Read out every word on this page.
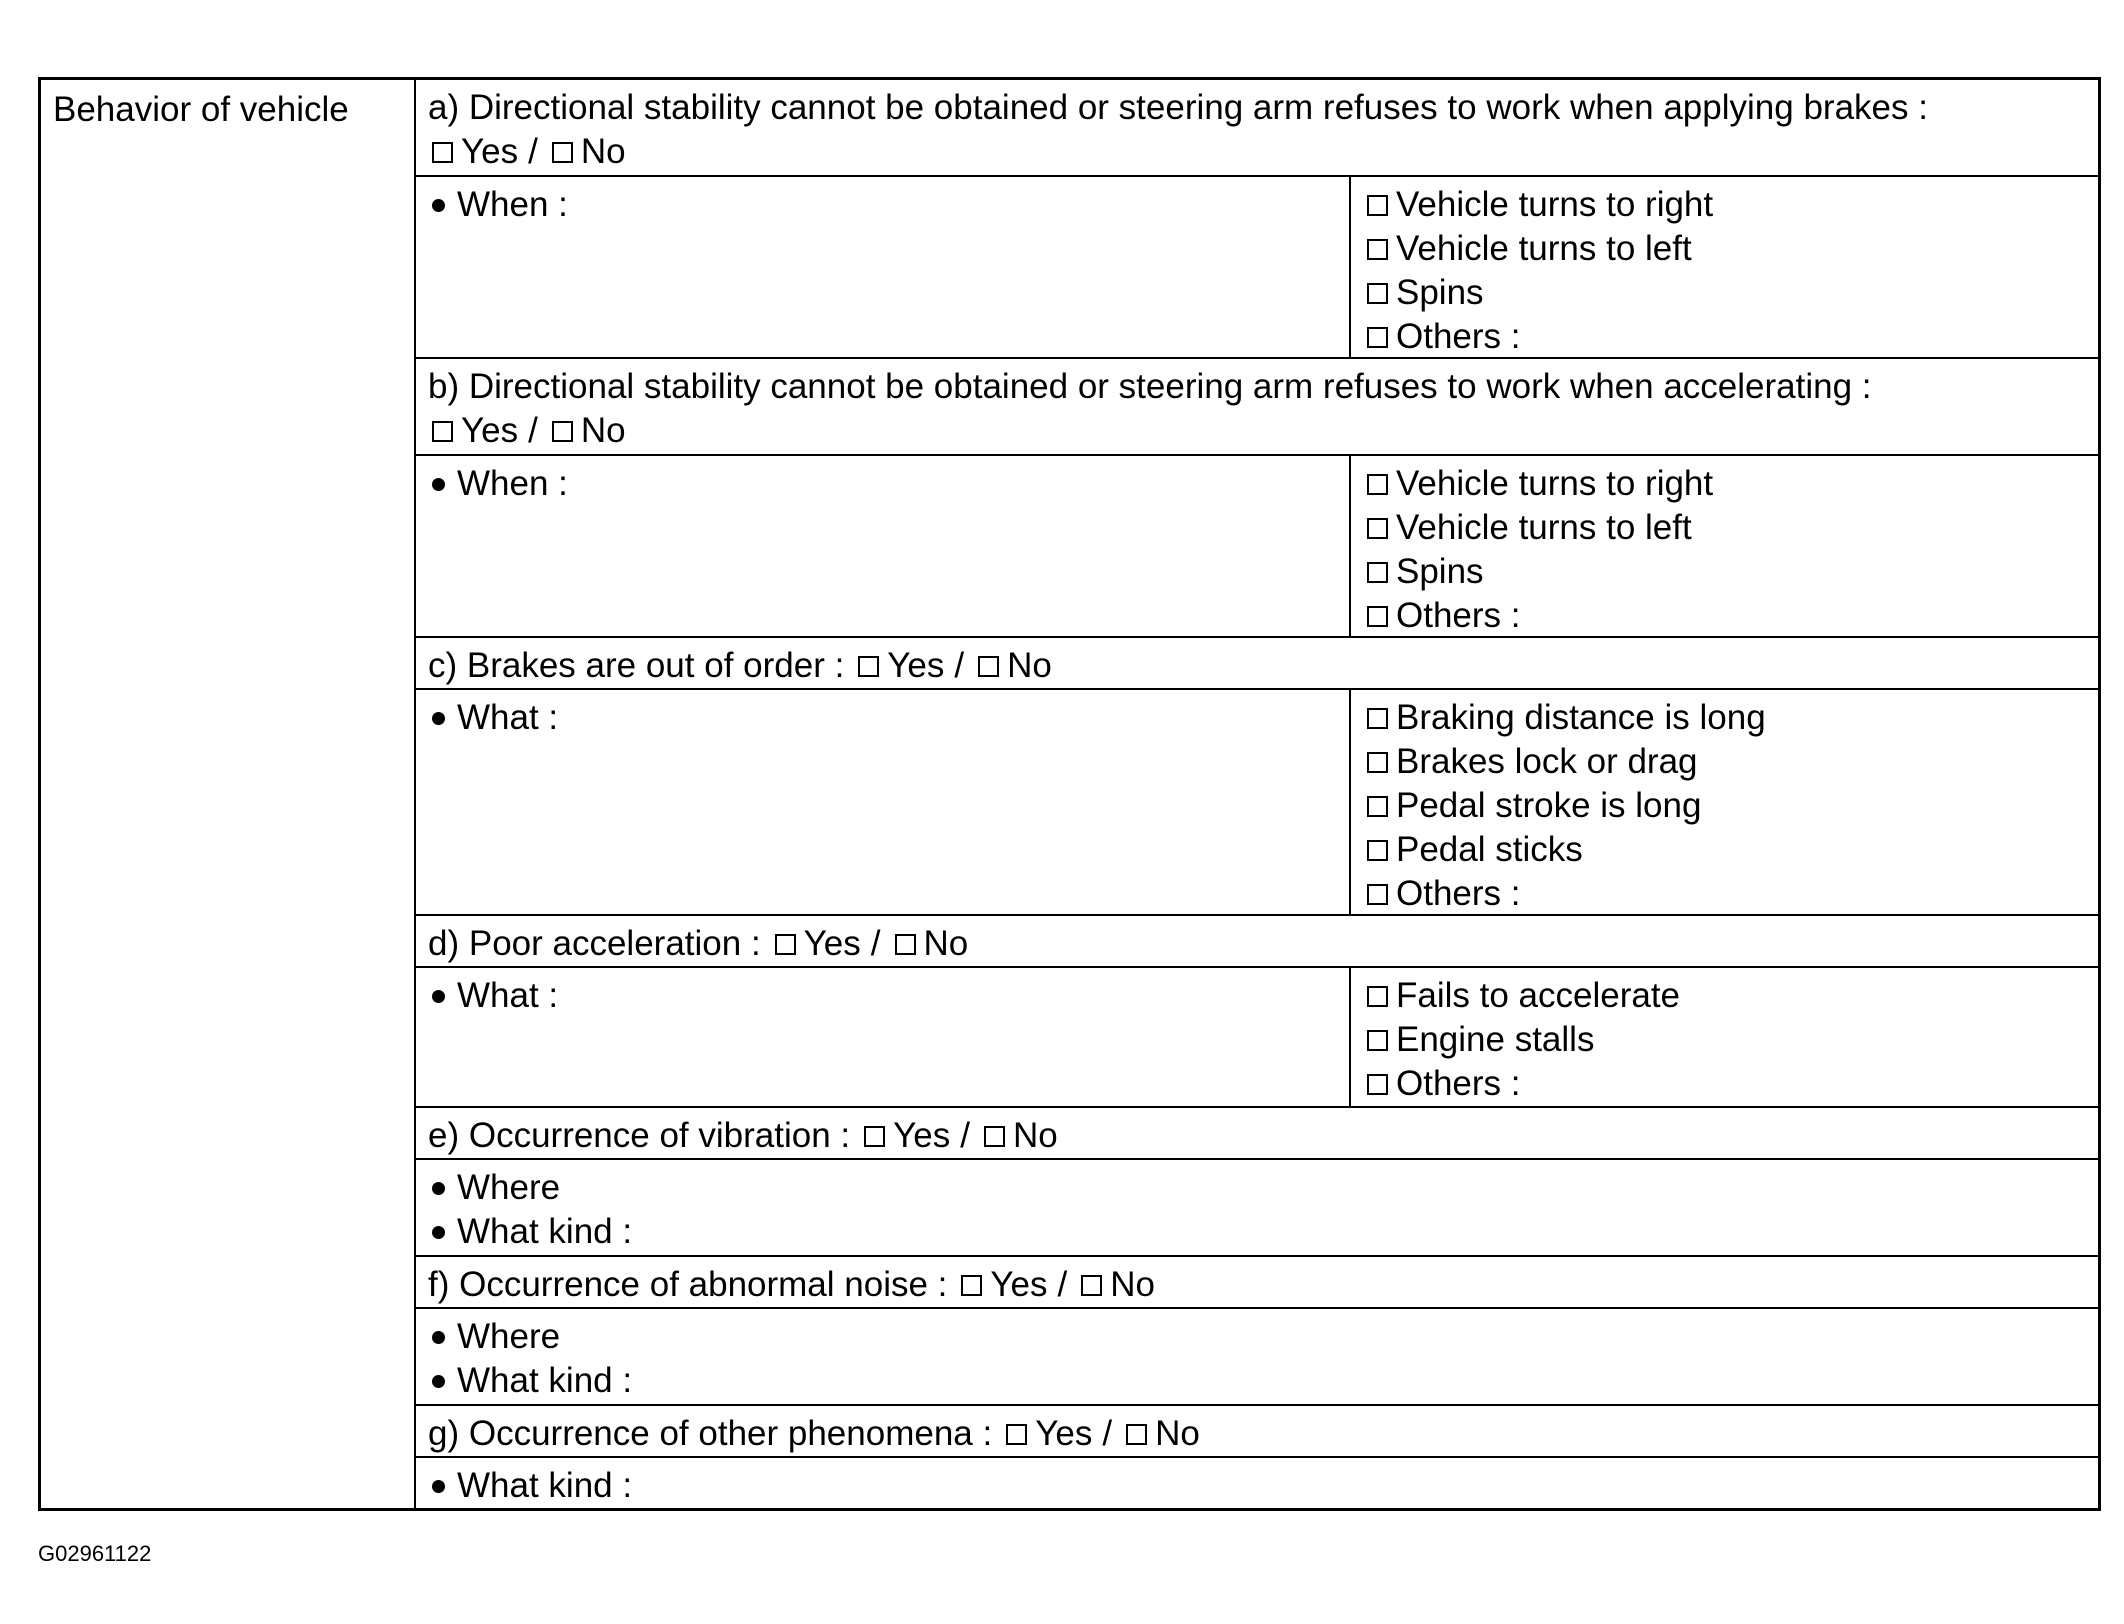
Behavior of vehicle	a) Directional stability cannot be obtained or steering arm refuses to work when applying brakes :
Yes / No
When :	Vehicle turns to right
Vehicle turns to left
Spins
Others :
b) Directional stability cannot be obtained or steering arm refuses to work when accelerating :
Yes / No
When :	Vehicle turns to right
Vehicle turns to left
Spins
Others :
c) Brakes are out of order : Yes / No
What :	Braking distance is long
Brakes lock or drag
Pedal stroke is long
Pedal sticks
Others :
d) Poor acceleration : Yes / No
What :	Fails to accelerate
Engine stalls
Others :
e) Occurrence of vibration : Yes / No
Where
What kind :
f) Occurrence of abnormal noise : Yes / No
Where
What kind :
g) Occurrence of other phenomena : Yes / No
What kind :
G02961122
